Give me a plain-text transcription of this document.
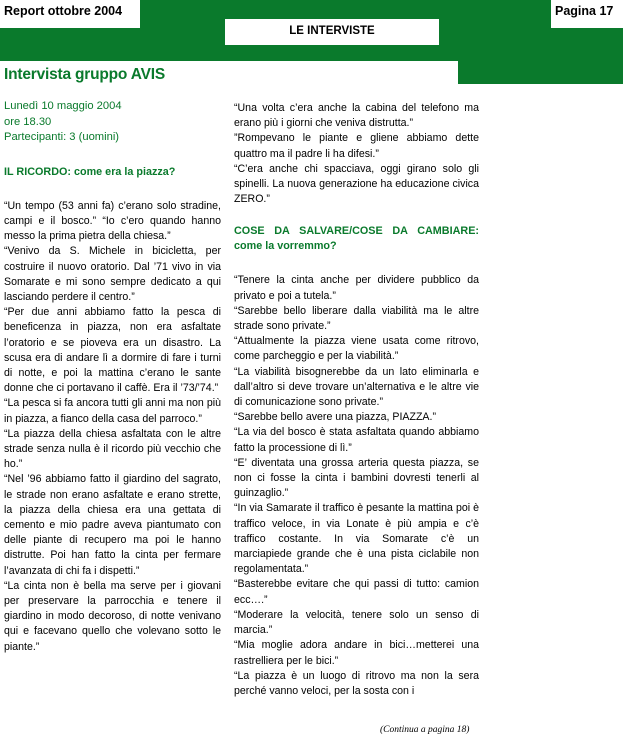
Report ottobre 2004	Pagina 17
LE INTERVISTE
Intervista gruppo AVIS
Lunedì 10 maggio 2004
ore 18.30
Partecipanti: 3 (uomini)
IL RICORDO: come era la piazza?
“Un tempo (53 anni fa) c’erano solo stradine, campi e il bosco.” “Io c’ero quando hanno messo la prima pietra della chiesa.”
“Venivo da S. Michele in bicicletta, per costruire il nuovo oratorio. Dal ’71 vivo in via Somarate e mi sono sempre dedicato a qui lasciando perdere il centro.”
“Per due anni abbiamo fatto la pesca di beneficenza in piazza, non era asfaltate l’oratorio e se pioveva era un disastro. La scusa era di andare lì a dormire di fare i turni di notte, e poi la mattina c’erano le sante donne che ci portavano il caffè. Era il ’73/’74.”
“La pesca si fa ancora tutti gli anni ma non più in piazza, a fianco della casa del parroco.”
“La piazza della chiesa asfaltata con le altre strade senza nulla è il ricordo più vecchio che ho.”
“Nel ’96 abbiamo fatto il giardino del sagrato, le strade non erano asfaltate e erano strette, la piazza della chiesa era una gettata di cemento e mio padre aveva piantumato con delle piante di recupero ma poi le hanno distrutte. Poi han fatto la cinta per fermare l’avanzata di chi fa i dispetti.”
“La cinta non è bella ma serve per i giovani per preservare la parrocchia e tenere il giardino in modo decoroso, di notte venivano qui e facevano quello che volevano sotto le piante.”
“Una volta c’era anche la cabina del telefono ma erano più i giorni che veniva distrutta.”
”Rompevano le piante e gliene abbiamo dette quattro ma il padre li ha difesi.”
“C’era anche chi spacciava, oggi girano solo gli spinelli. La nuova generazione ha educazione civica ZERO.”
COSE DA SALVARE/COSE DA CAMBIARE: come la vorremmo?
“Tenere la cinta anche per dividere pubblico da privato e poi a tutela.”
“Sarebbe bello liberare dalla viabilità ma le altre strade sono private.”
“Attualmente la piazza viene usata come ritrovo, come parcheggio e per la viabilità.”
“La viabilità bisognerebbe da un lato eliminarla e dall’altro si deve trovare un’alternativa e le altre vie di comunicazione sono private.”
“Sarebbe bello avere una piazza, PIAZZA.”
“La via del bosco è stata asfaltata quando abbiamo fatto la processione di lì.”
“E’ diventata una grossa arteria questa piazza, se non ci fosse la cinta i bambini dovresti tenerli al guinzaglio.”
“In via Samarate il traffico è pesante la mattina poi è traffico veloce, in via Lonate è più ampia e c’è traffico costante. In via Somarate c’è un marciapiede grande che è una pista ciclabile non regolamentata.”
“Basterebbe evitare che qui passi di tutto: camion ecc….”
“Moderare la velocità, tenere solo un senso di marcia.”
“Mia moglie adora andare in bici…metterei una rastrelliera per le bici.”
“La piazza è un luogo di ritrovo ma non la sera perché vanno veloci, per la sosta con i
(Continua a pagina 18)
